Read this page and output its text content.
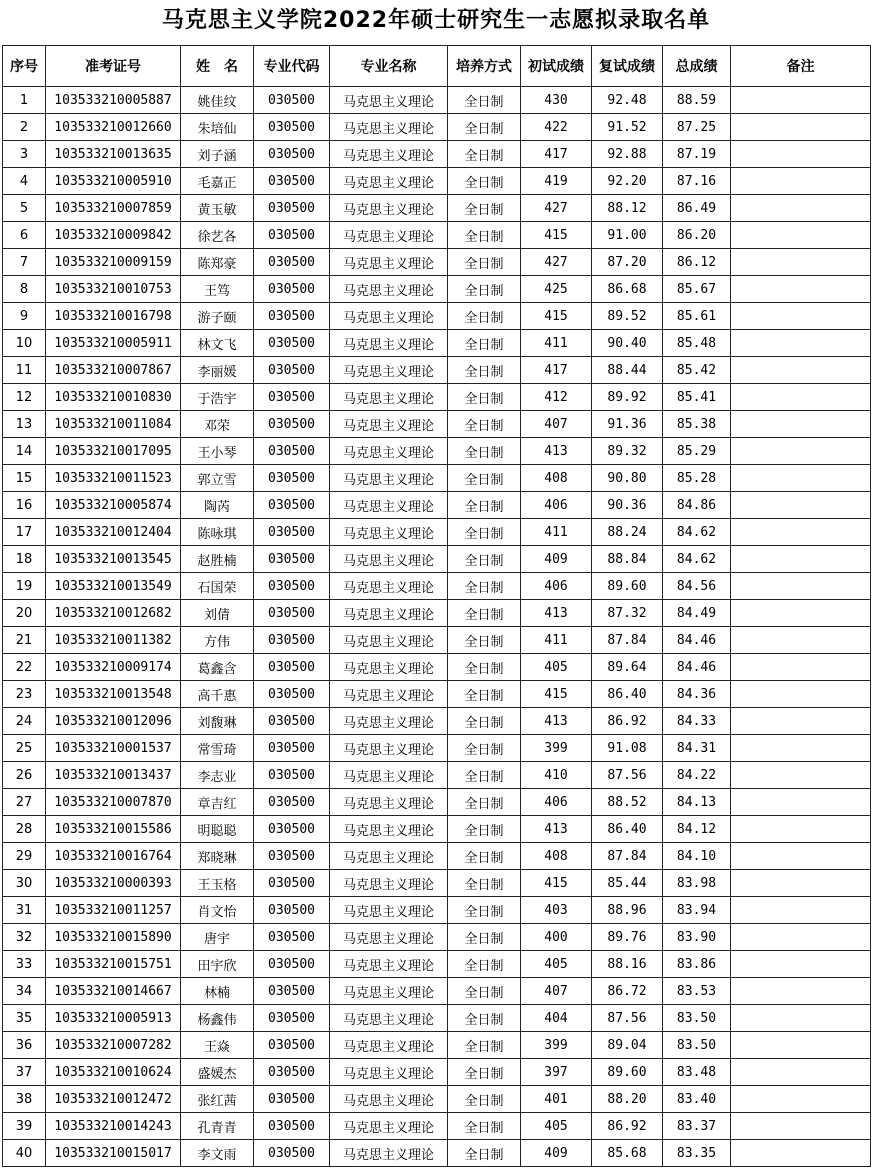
马克思主义学院2022年硕士研究生一志愿拟录取名单
序号	准考证号	姓　名	专业代码	专业名称	培养方式	初试成绩	复试成绩	总成绩	备注
1	103533210005887	姚佳纹	030500	马克思主义理论	全日制	430	92.48	88.59	
2	103533210012660	朱培仙	030500	马克思主义理论	全日制	422	91.52	87.25	
3	103533210013635	刘子涵	030500	马克思主义理论	全日制	417	92.88	87.19	
4	103533210005910	毛嘉正	030500	马克思主义理论	全日制	419	92.20	87.16	
5	103533210007859	黄玉敏	030500	马克思主义理论	全日制	427	88.12	86.49	
6	103533210009842	徐艺各	030500	马克思主义理论	全日制	415	91.00	86.20	
7	103533210009159	陈郑豪	030500	马克思主义理论	全日制	427	87.20	86.12	
8	103533210010753	王笃	030500	马克思主义理论	全日制	425	86.68	85.67	
9	103533210016798	游子颐	030500	马克思主义理论	全日制	415	89.52	85.61	
10	103533210005911	林文飞	030500	马克思主义理论	全日制	411	90.40	85.48	
11	103533210007867	李丽媛	030500	马克思主义理论	全日制	417	88.44	85.42	
12	103533210010830	于浩宇	030500	马克思主义理论	全日制	412	89.92	85.41	
13	103533210011084	邓荣	030500	马克思主义理论	全日制	407	91.36	85.38	
14	103533210017095	王小琴	030500	马克思主义理论	全日制	413	89.32	85.29	
15	103533210011523	郭立雪	030500	马克思主义理论	全日制	408	90.80	85.28	
16	103533210005874	陶芮	030500	马克思主义理论	全日制	406	90.36	84.86	
17	103533210012404	陈咏琪	030500	马克思主义理论	全日制	411	88.24	84.62	
18	103533210013545	赵胜楠	030500	马克思主义理论	全日制	409	88.84	84.62	
19	103533210013549	石国荣	030500	马克思主义理论	全日制	406	89.60	84.56	
20	103533210012682	刘倩	030500	马克思主义理论	全日制	413	87.32	84.49	
21	103533210011382	方伟	030500	马克思主义理论	全日制	411	87.84	84.46	
22	103533210009174	葛鑫含	030500	马克思主义理论	全日制	405	89.64	84.46	
23	103533210013548	高千惠	030500	马克思主义理论	全日制	415	86.40	84.36	
24	103533210012096	刘馥琳	030500	马克思主义理论	全日制	413	86.92	84.33	
25	103533210001537	常雪琦	030500	马克思主义理论	全日制	399	91.08	84.31	
26	103533210013437	李志业	030500	马克思主义理论	全日制	410	87.56	84.22	
27	103533210007870	章吉红	030500	马克思主义理论	全日制	406	88.52	84.13	
28	103533210015586	明聪聪	030500	马克思主义理论	全日制	413	86.40	84.12	
29	103533210016764	郑晓琳	030500	马克思主义理论	全日制	408	87.84	84.10	
30	103533210000393	王玉格	030500	马克思主义理论	全日制	415	85.44	83.98	
31	103533210011257	肖文怡	030500	马克思主义理论	全日制	403	88.96	83.94	
32	103533210015890	唐宇	030500	马克思主义理论	全日制	400	89.76	83.90	
33	103533210015751	田宇欣	030500	马克思主义理论	全日制	405	88.16	83.86	
34	103533210014667	林楠	030500	马克思主义理论	全日制	407	86.72	83.53	
35	103533210005913	杨鑫伟	030500	马克思主义理论	全日制	404	87.56	83.50	
36	103533210007282	王焱	030500	马克思主义理论	全日制	399	89.04	83.50	
37	103533210010624	盛媛杰	030500	马克思主义理论	全日制	397	89.60	83.48	
38	103533210012472	张红茜	030500	马克思主义理论	全日制	401	88.20	83.40	
39	103533210014243	孔青青	030500	马克思主义理论	全日制	405	86.92	83.37	
40	103533210015017	李文雨	030500	马克思主义理论	全日制	409	85.68	83.35	
